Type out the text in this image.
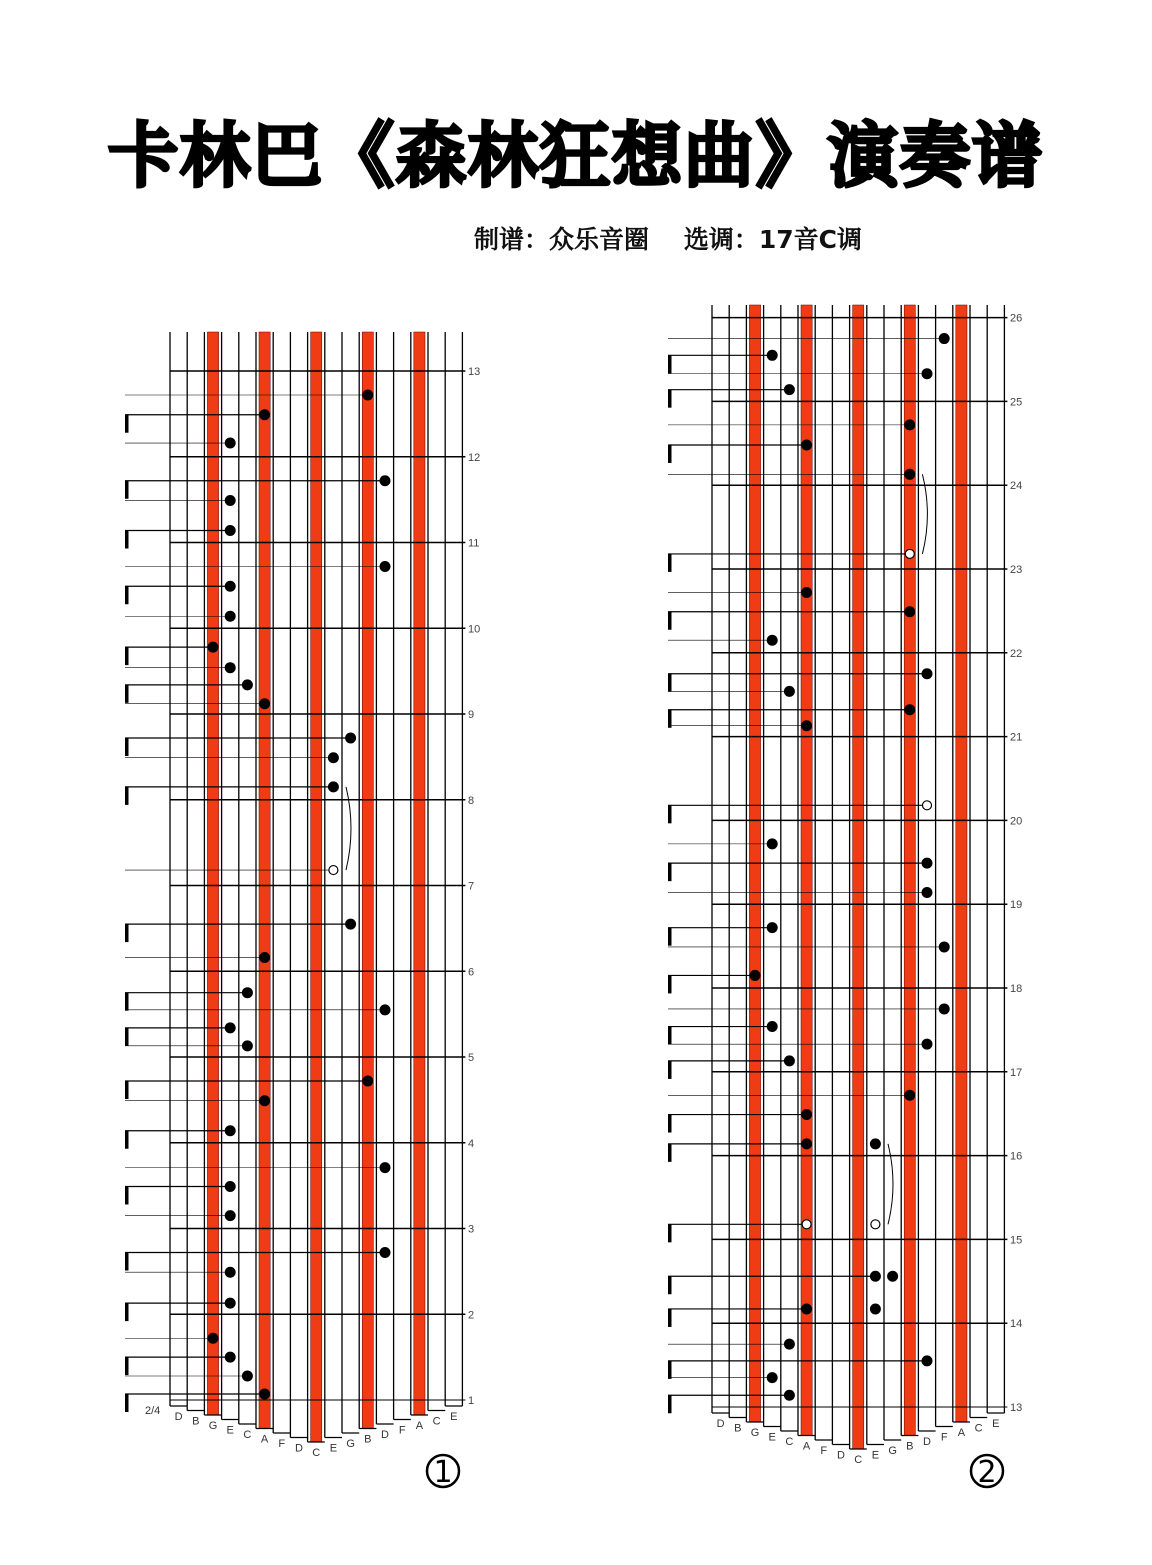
卡林巴《森林狂想曲》演奏谱
制谱：众乐音圈    选调：17音C调
D B G E C A F D C E G B D F A C E
1
2
3
4
5
6
7
8
9
10
11
12
13
2/4
1
D B G E C A F D C E G B D F A C E
13
14
15
16
17
18
19
20
21
22
23
24
25
26
2
